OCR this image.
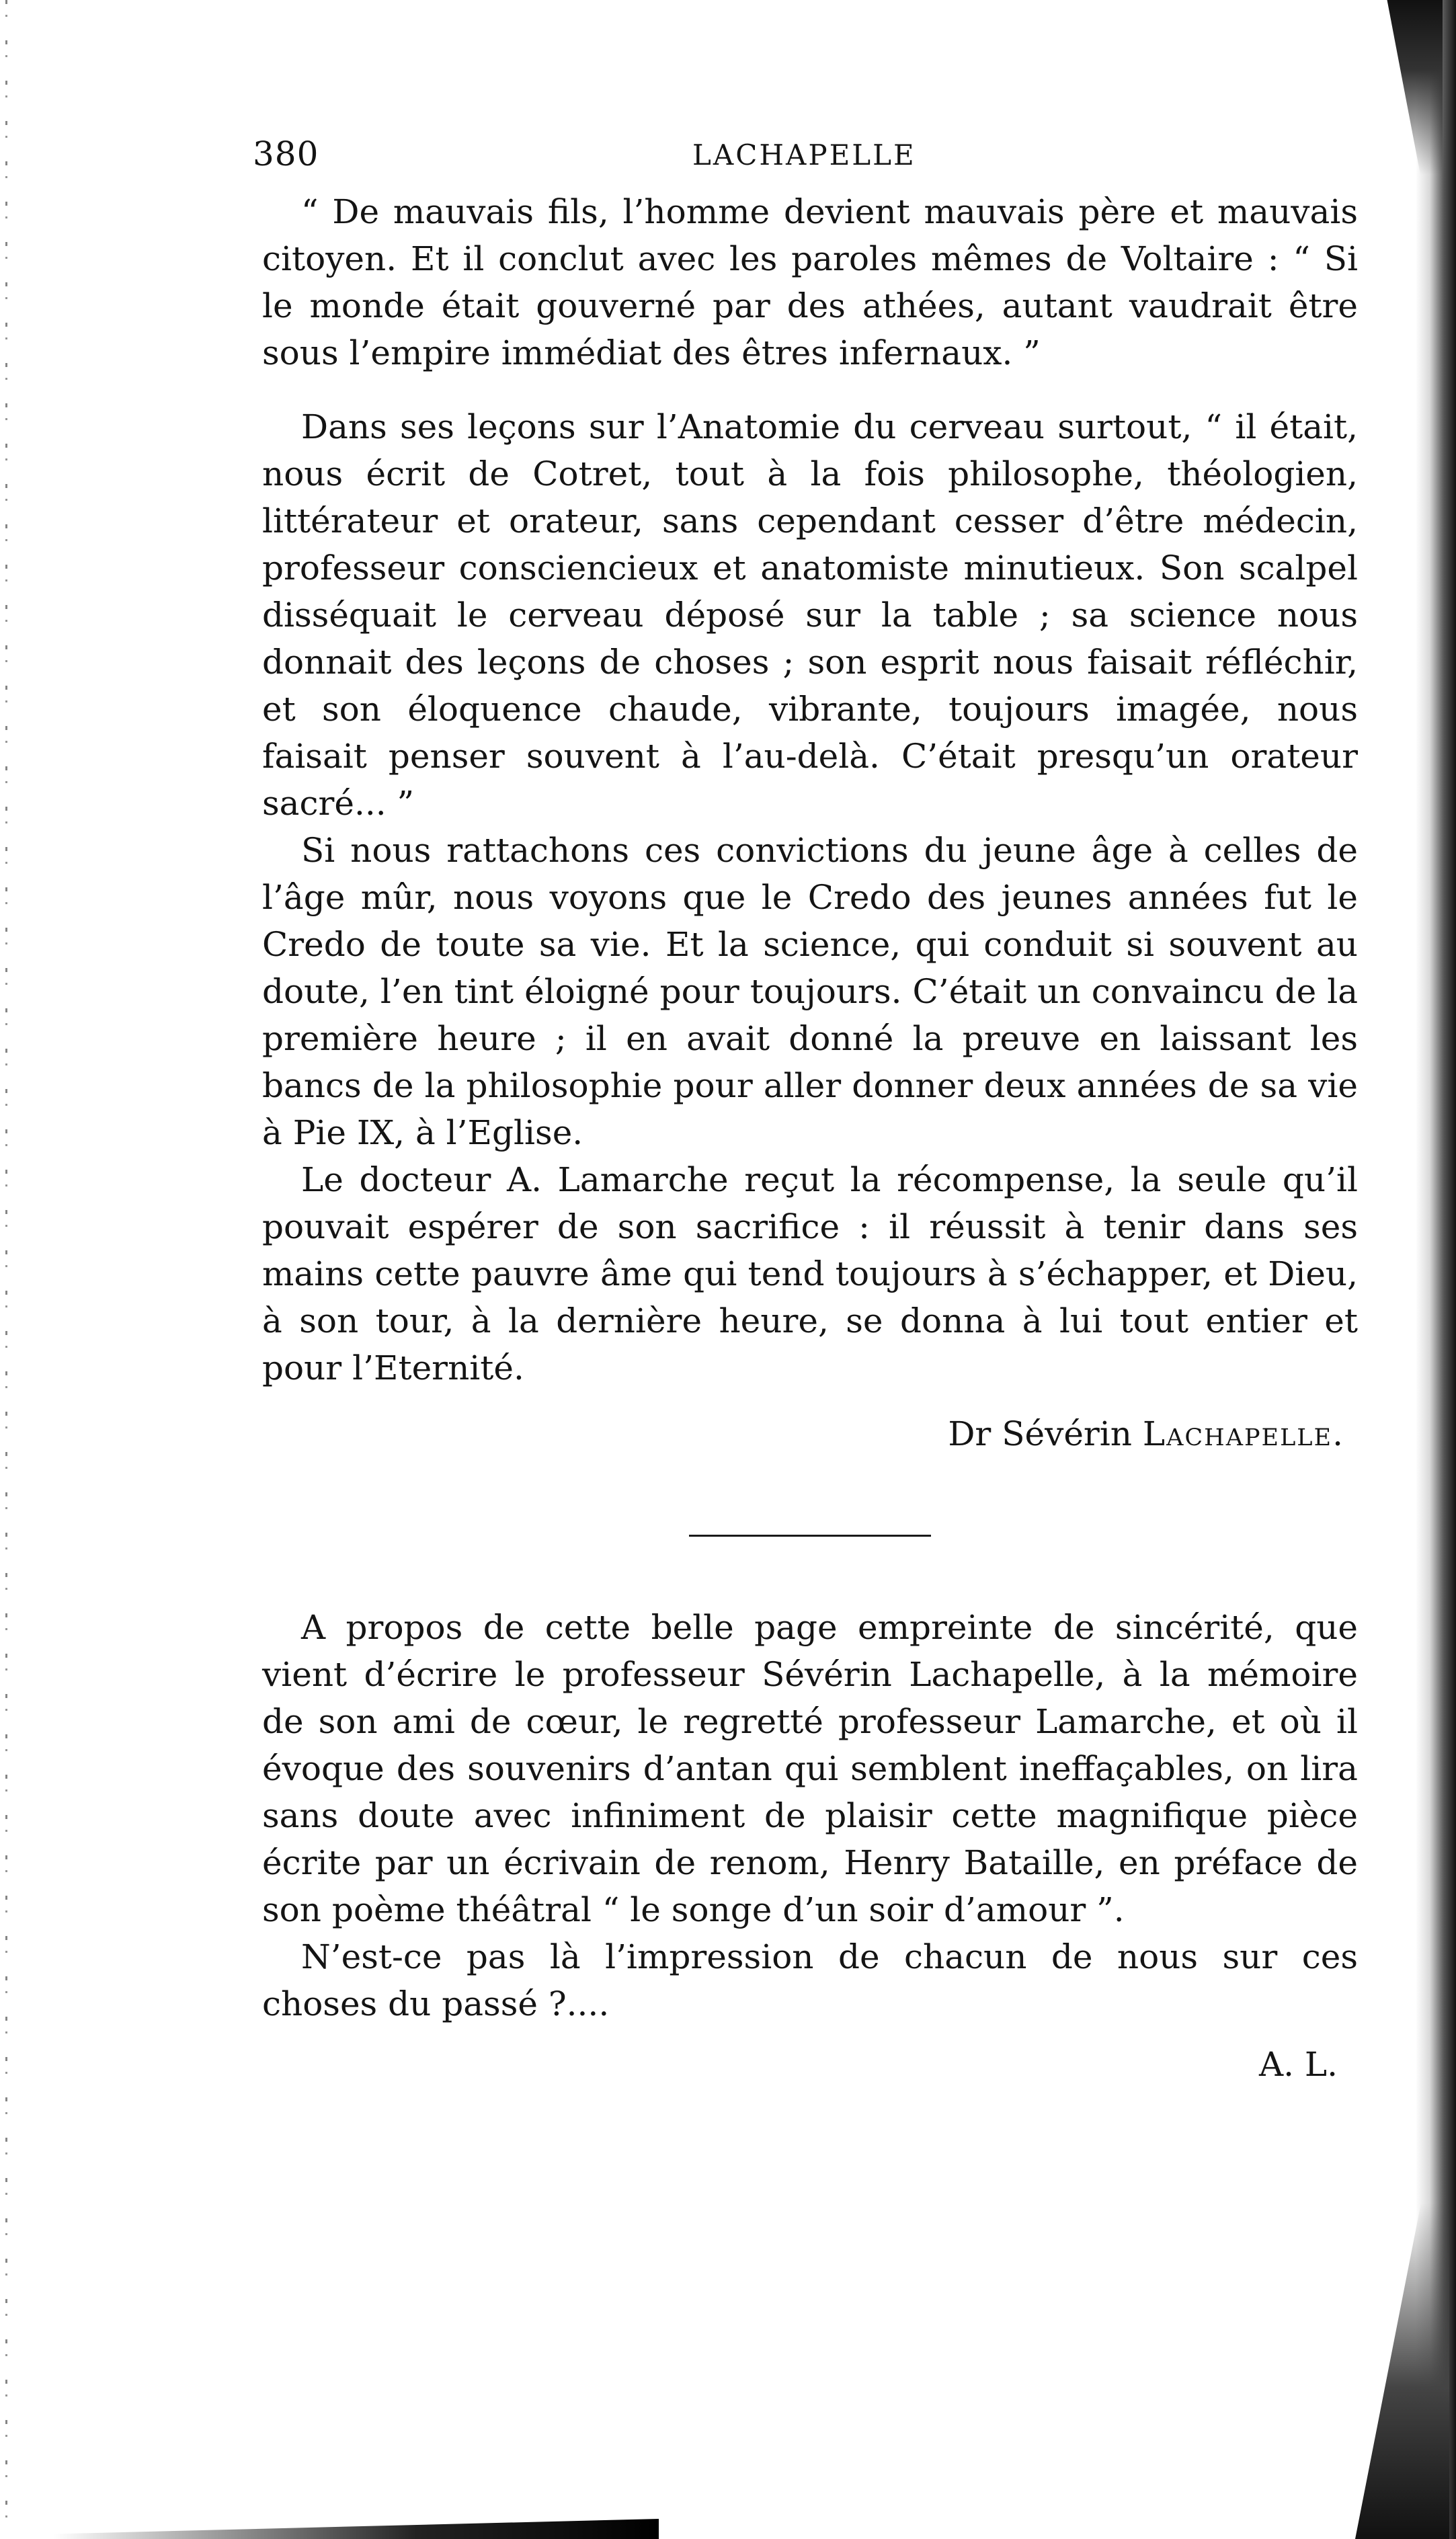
380	LACHAPELLE

“ De mauvais fils, l’homme devient mauvais père et mauvais citoyen. Et il conclut avec les paroles mêmes de Voltaire : “ Si le monde était gouverné par des athées, autant vaudrait être sous l’empire immédiat des êtres infernaux. ”

Dans ses leçons sur l’Anatomie du cerveau surtout, “ il était, nous écrit de Cotret, tout à la fois philosophe, théologien, littérateur et orateur, sans cependant cesser d’être médecin, professeur consciencieux et anatomiste minutieux. Son scalpel disséquait le cerveau déposé sur la table ; sa science nous donnait des leçons de choses ; son esprit nous faisait réfléchir, et son éloquence chaude, vibrante, toujours imagée, nous faisait penser souvent à l’au-delà. C’était presqu’un orateur sacré... ”

Si nous rattachons ces convictions du jeune âge à celles de l’âge mûr, nous voyons que le Credo des jeunes années fut le Credo de toute sa vie. Et la science, qui conduit si souvent au doute, l’en tint éloigné pour toujours. C’était un convaincu de la première heure ; il en avait donné la preuve en laissant les bancs de la philosophie pour aller donner deux années de sa vie à Pie IX, à l’Eglise.

Le docteur A. Lamarche reçut la récompense, la seule qu’il pouvait espérer de son sacrifice : il réussit à tenir dans ses mains cette pauvre âme qui tend toujours à s’échapper, et Dieu, à son tour, à la dernière heure, se donna à lui tout entier et pour l’Eternité.

Dr Sévérin Lachapelle.

A propos de cette belle page empreinte de sincérité, que vient d’écrire le professeur Sévérin Lachapelle, à la mémoire de son ami de cœur, le regretté professeur Lamarche, et où il évoque des souvenirs d’antan qui semblent ineffaçables, on lira sans doute avec infiniment de plaisir cette magnifique pièce écrite par un écrivain de renom, Henry Bataille, en préface de son poème théâtral “ le songe d’un soir d’amour ”.

N’est-ce pas là l’impression de chacun de nous sur ces choses du passé ?....

A. L.
